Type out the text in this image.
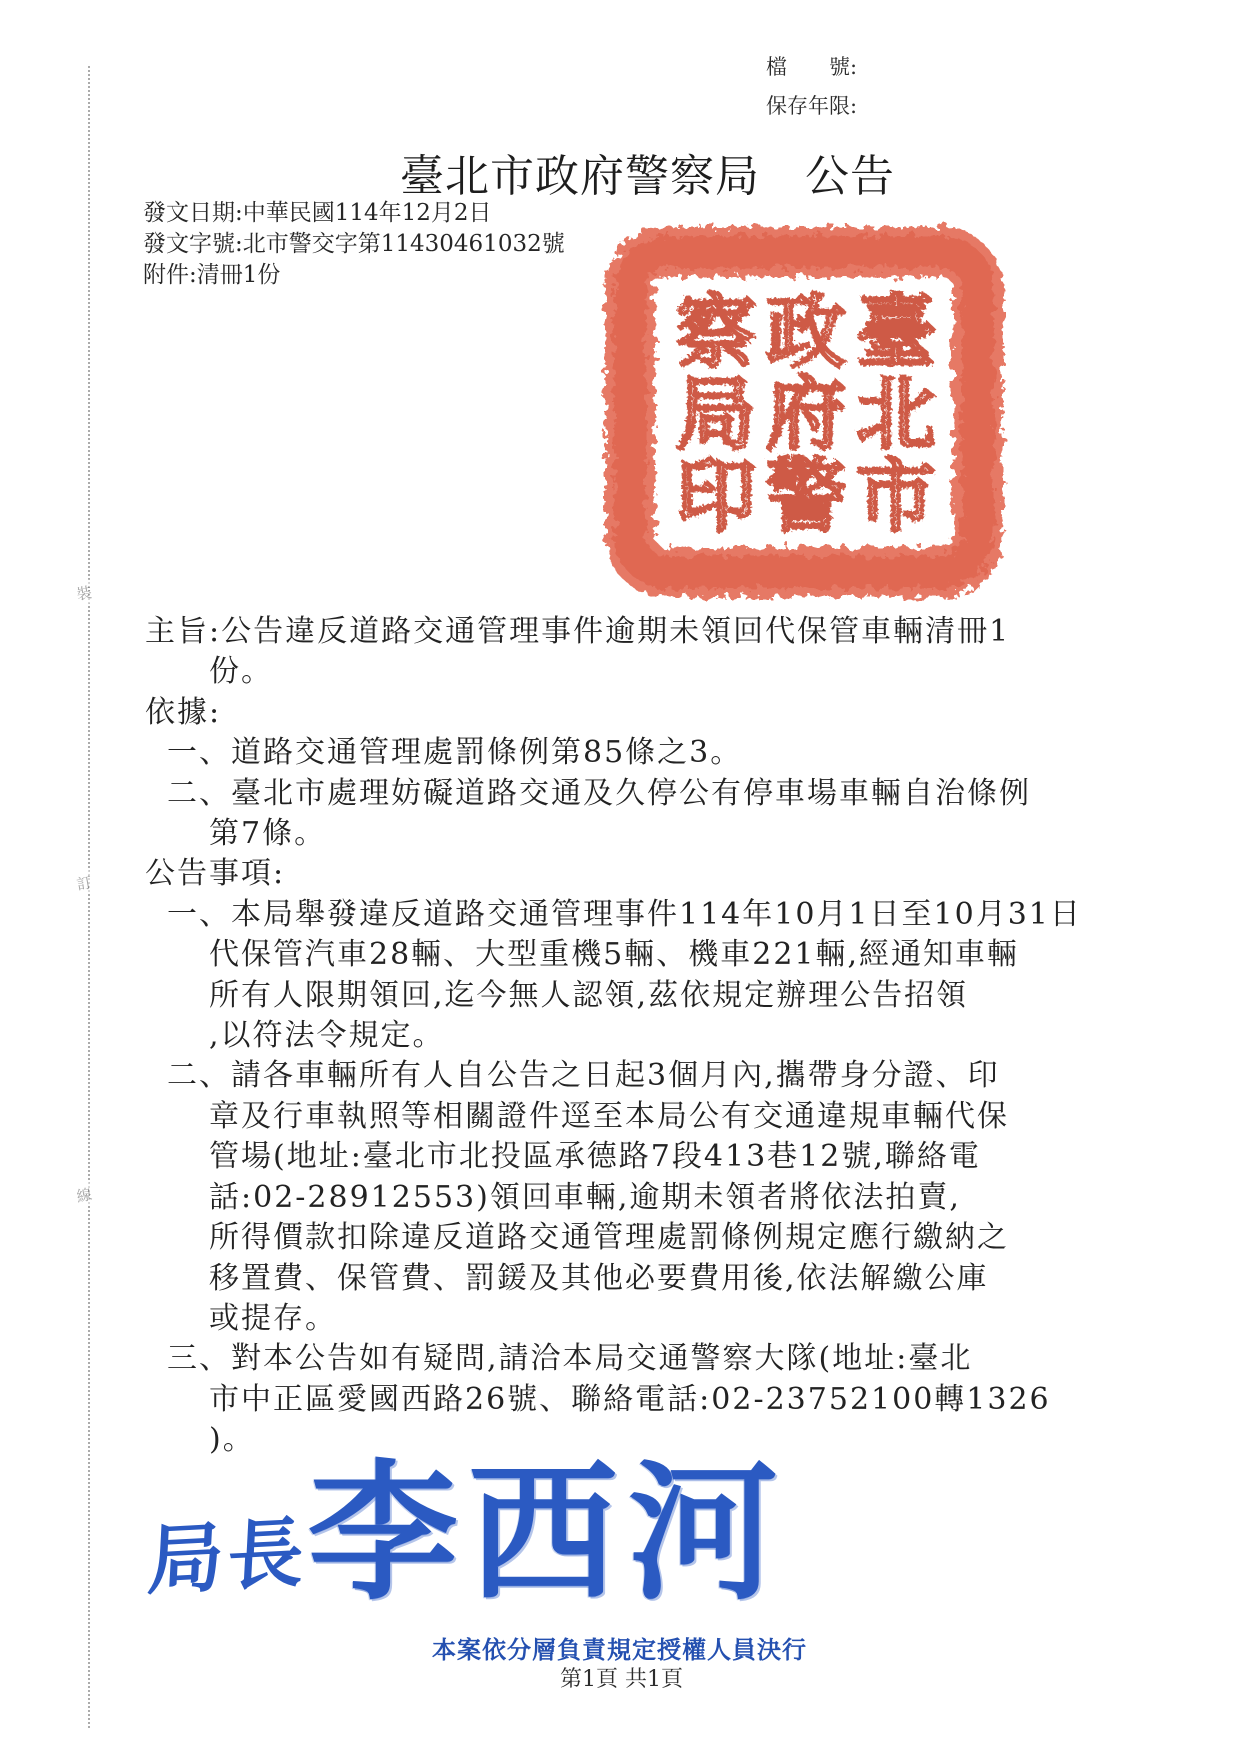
裝
訂
線
檔　　號:
保存年限:
臺北市政府警察局　公告
發文日期:中華民國114年12月2日
發文字號:北市警交字第11430461032號
附件:清冊1份
臺
北
市
政
府
警
察
局
印
主旨:公告違反道路交通管理事件逾期未領回代保管車輛清冊1
份。
依據:
一、道路交通管理處罰條例第85條之3。
二、臺北市處理妨礙道路交通及久停公有停車場車輛自治條例
第7條。
公告事項:
一、本局舉發違反道路交通管理事件114年10月1日至10月31日
代保管汽車28輛、大型重機5輛、機車221輛,經通知車輛
所有人限期領回,迄今無人認領,茲依規定辦理公告招領
,以符法令規定。
二、請各車輛所有人自公告之日起3個月內,攜帶身分證、印
章及行車執照等相關證件逕至本局公有交通違規車輛代保
管場(地址:臺北市北投區承德路7段413巷12號,聯絡電
話:02-28912553)領回車輛,逾期未領者將依法拍賣,
所得價款扣除違反道路交通管理處罰條例規定應行繳納之
移置費、保管費、罰鍰及其他必要費用後,依法解繳公庫
或提存。
三、對本公告如有疑問,請洽本局交通警察大隊(地址:臺北
市中正區愛國西路26號、聯絡電話:02-23752100轉1326
)。
局長
李西河
本案依分層負責規定授權人員決行
第1頁 共1頁
